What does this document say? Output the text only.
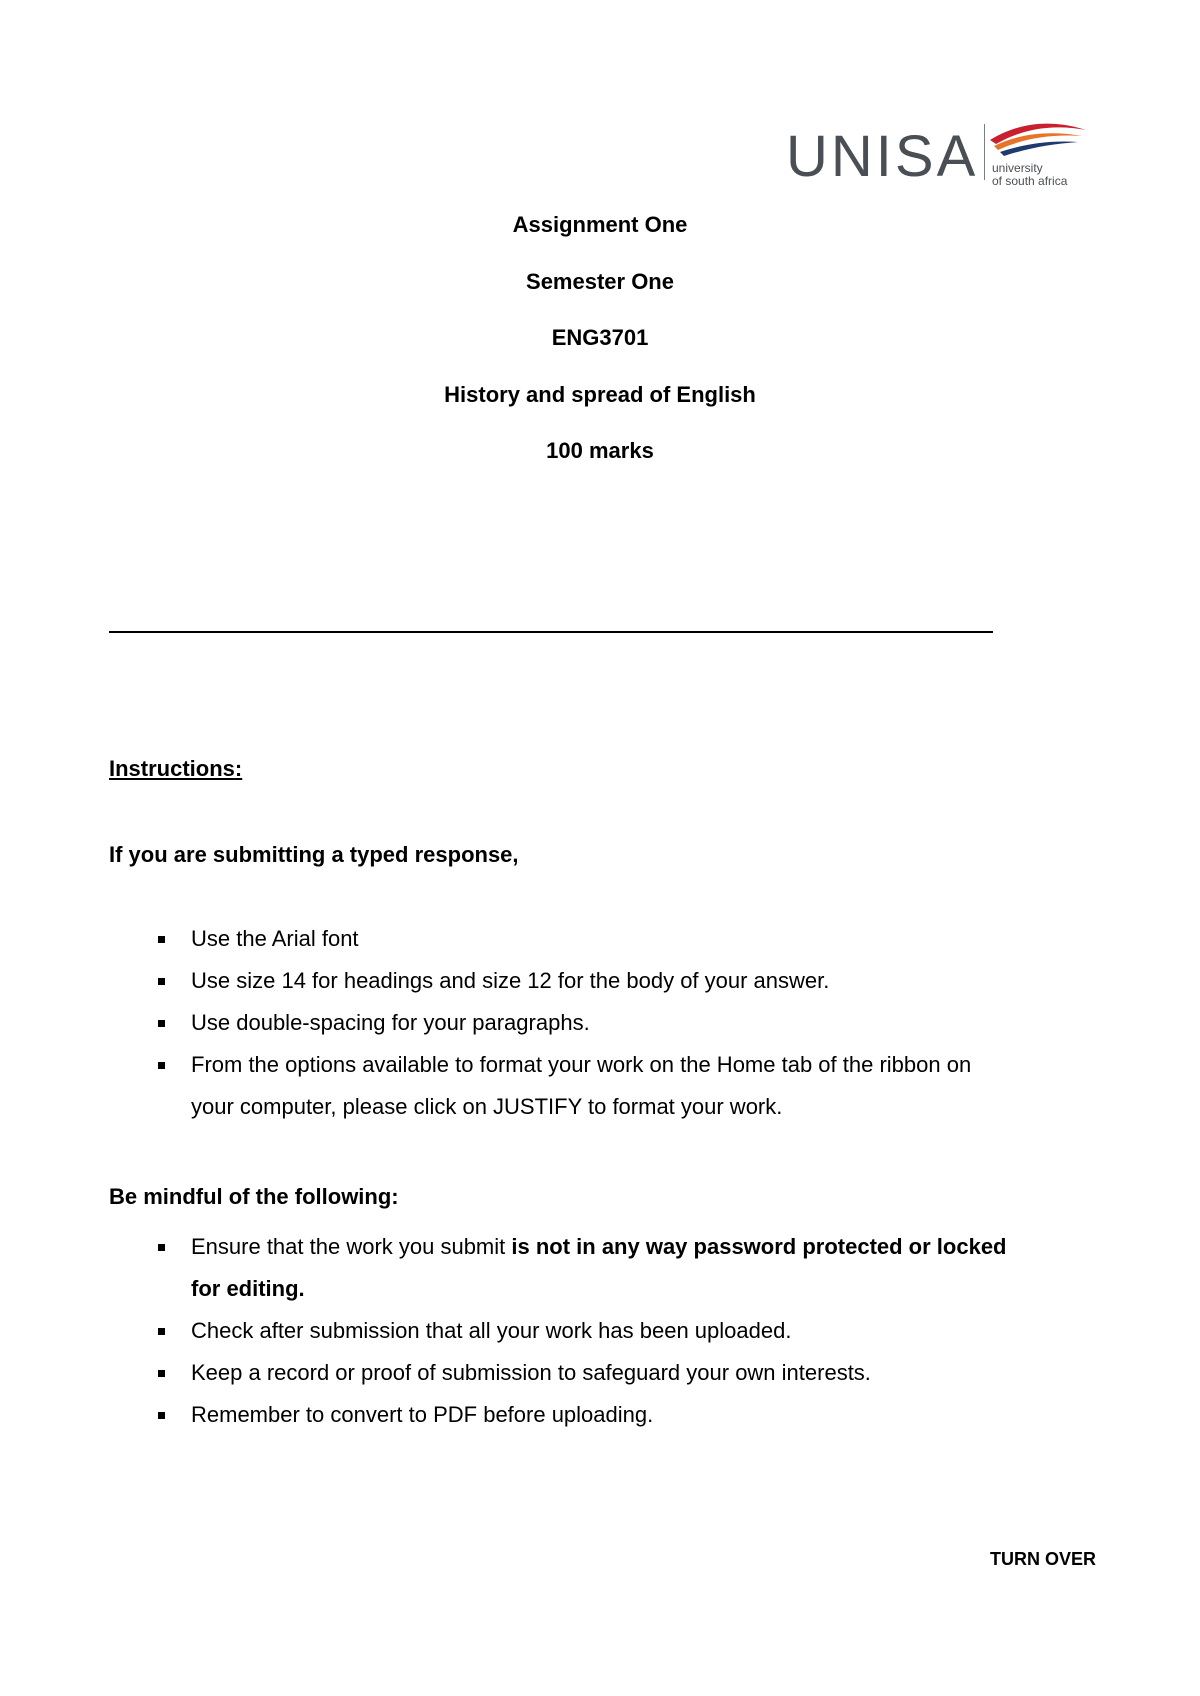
UNISA university
of south africa
Assignment One
Semester One
ENG3701
History and spread of English
100 marks
Instructions:
If you are submitting a typed response,
Use the Arial font
Use size 14 for headings and size 12 for the body of your answer.
Use double-spacing for your paragraphs.
From the options available to format your work on the Home tab of the ribbon on
your computer, please click on JUSTIFY to format your work.
Be mindful of the following:
Ensure that the work you submit is not in any way password protected or locked
for editing.
Check after submission that all your work has been uploaded.
Keep a record or proof of submission to safeguard your own interests.
Remember to convert to PDF before uploading.
TURN OVER
